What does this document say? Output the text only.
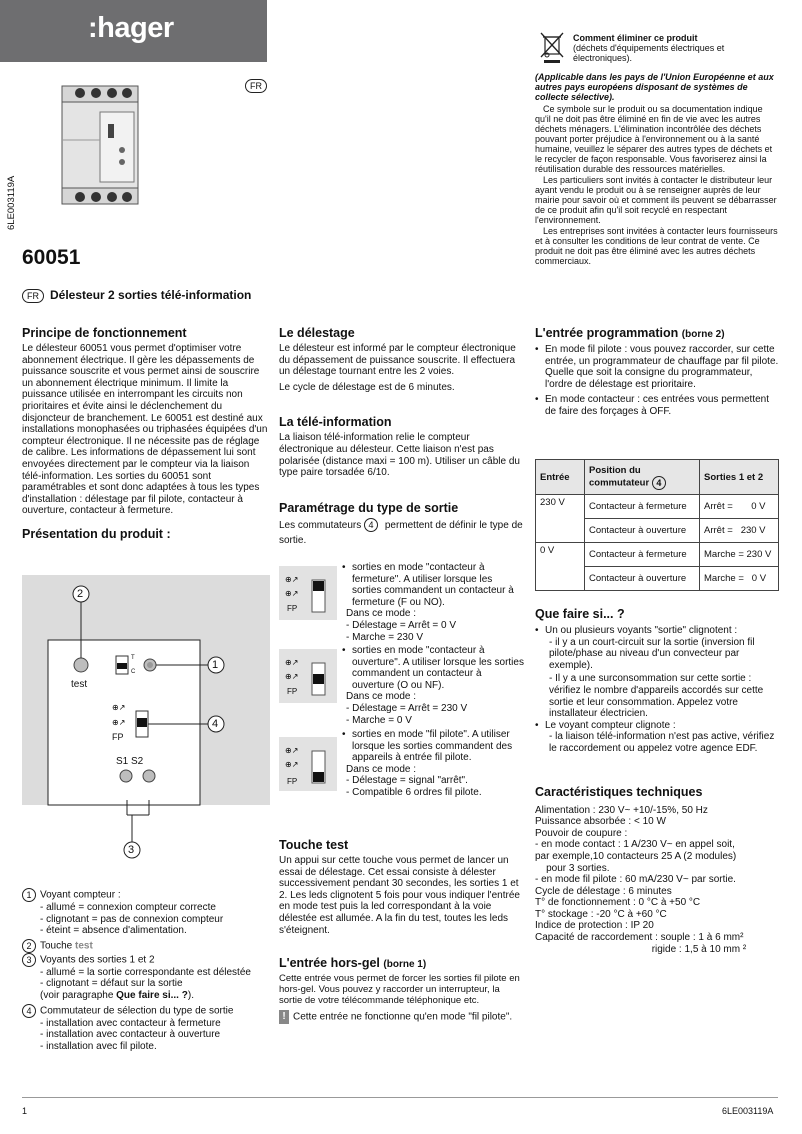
:hager
FR
6LE003119A
60051
FR Délesteur 2 sorties télé-information
Comment éliminer ce produit
(déchets d'équipements électriques et électroniques).

(Applicable dans les pays de l'Union Européenne et aux autres pays européens disposant de systèmes de collecte sélective).

Ce symbole sur le produit ou sa documentation indique qu'il ne doit pas être éliminé en fin de vie avec les autres déchets ménagers. L'élimination incontrôlée des déchets pouvant porter préjudice à l'environnement ou à la santé humaine, veuillez le séparer des autres types de déchets et le recycler de façon responsable. Vous favoriserez ainsi la réutilisation durable des ressources matérielles.

Les particuliers sont invités à contacter le distributeur leur ayant vendu le produit ou à se renseigner auprès de leur mairie pour savoir où et comment ils peuvent se débarrasser de ce produit afin qu'il soit recyclé en respectant l'environnement.

Les entreprises sont invitées à contacter leurs fournisseurs et à consulter les conditions de leur contrat de vente. Ce produit ne doit pas être éliminé avec les autres déchets commerciaux.

Principe de fonctionnement
Le délesteur 60051 vous permet d'optimiser votre abonnement électrique. Il gère les dépassements de puissance souscrite et vous permet ainsi de souscrire un abonnement électrique minimum. Il limite la puissance utilisée en interrompant les circuits non prioritaires et évite ainsi le déclenchement du disjoncteur de branchement. Le 60051 est destiné aux installations monophasées ou triphasées équipées d'un compteur électronique. Il ne nécessite pas de réglage de calibre. Les informations de dépassement lui sont envoyées directement par le compteur via la liaison télé-information. Les sorties du 60051 sont paramétrables et sont donc adaptées à tous les types d'installation : délestage par fil pilote, contacteur à ouverture, contacteur à fermeture.
Présentation du produit :
⊕↗
⊕↗
2
1
4
3
test
T
C
FP
S1 S2
1 Voyant compteur :
- allumé = connexion compteur correcte
- clignotant = pas de connexion compteur
- éteint = absence d'alimentation.
2 Touche test
3 Voyants des sorties 1 et 2
- allumé = la sortie correspondante est délestée
- clignotant = défaut sur la sortie
(voir paragraphe Que faire si... ?).
4 Commutateur de sélection du type de sortie
- installation avec contacteur à fermeture
- installation avec contacteur à ouverture
- installation avec fil pilote.
Le délestage
Le délesteur est informé par le compteur électronique du dépassement de puissance souscrite. Il effectuera un délestage tournant entre les 2 voies.
Le cycle de délestage est de 6 minutes.
La télé-information
La liaison télé-information relie le compteur électronique au délesteur. Cette liaison n'est pas polarisée (distance maxi = 100 m). Utiliser un câble du type paire torsadée 6/10.
Paramétrage du type de sortie
Les commutateurs 4 permettent de définir le type de sortie.
⊕↗
⊕↗
FP
• sorties en mode "contacteur à fermeture". A utiliser lorsque les sorties commandent un contacteur à fermeture (F ou NO).
Dans ce mode :
- Délestage = Arrêt = 0 V
- Marche = 230 V
⊕↗
⊕↗
FP
• sorties en mode "contacteur à ouverture". A utiliser lorsque les sorties commandent un contacteur à ouverture (O ou NF).
Dans ce mode :
- Délestage = Arrêt = 230 V
- Marche = 0 V
⊕↗
⊕↗
FP
• sorties en mode "fil pilote". A utiliser lorsque les sorties commandent des appareils à entrée fil pilote.
Dans ce mode :
- Délestage = signal "arrêt".
- Compatible 6 ordres fil pilote.
Touche test
Un appui sur cette touche vous permet de lancer un essai de délestage. Cet essai consiste à délester successivement pendant 30 secondes, les sorties 1 et 2. Les leds clignotent 5 fois pour vous indiquer l'entrée en mode test puis la led correspondant à la voie délestée est allumée. A la fin du test, toutes les leds s'éteignent.
L'entrée hors-gel (borne 1)
Cette entrée vous permet de forcer les sorties fil pilote en hors-gel. Vous pouvez y raccorder un interrupteur, la sortie de votre télécommande téléphonique etc.
! Cette entrée ne fonctionne qu'en mode "fil pilote".
L'entrée programmation (borne 2)
• En mode fil pilote : vous pouvez raccorder, sur cette entrée, un programmateur de chauffage par fil pilote. Quelle que soit la consigne du programmateur, l'ordre de délestage est prioritaire.
• En mode contacteur : ces entrées vous permettent de faire des forçages à OFF.
Entrée	Position du commutateur 4	Sorties 1 et 2
230 V	Contacteur à fermeture	Arrêt =       0 V
	Contacteur à ouverture	Arrêt =   230 V
0 V	Contacteur à fermeture	Marche = 230 V
	Contacteur à ouverture	Marche =   0 V
Que faire si... ?
• Un ou plusieurs voyants "sortie" clignotent :
- il y a un court-circuit sur la sortie (inversion fil pilote/phase au niveau d'un convecteur par exemple).
- Il y a une surconsommation sur cette sortie : vérifiez le nombre d'appareils accordés sur cette sortie et leur consommation. Appelez votre installateur électricien.
• Le voyant compteur clignote :
- la liaison télé-information n'est pas active, vérifiez le raccordement ou appelez votre agence EDF.
Caractéristiques techniques
Alimentation : 230 V~ +10/-15%, 50 Hz
Puissance absorbée : < 10 W
Pouvoir de coupure :
- en mode contact : 1 A/230 V~ en appel soit,
par exemple,10 contacteurs 25 A (2 modules)
pour 3 sorties.
- en mode fil pilote : 60 mA/230 V~ par sortie.
Cycle de délestage : 6 minutes
T° de fonctionnement : 0 °C à +50 °C
T° stockage : -20 °C à +60 °C
Indice de protection : IP 20
Capacité de raccordement : souple : 1 à 6 mm²
rigide : 1,5 à 10 mm ²
1	6LE003119A
